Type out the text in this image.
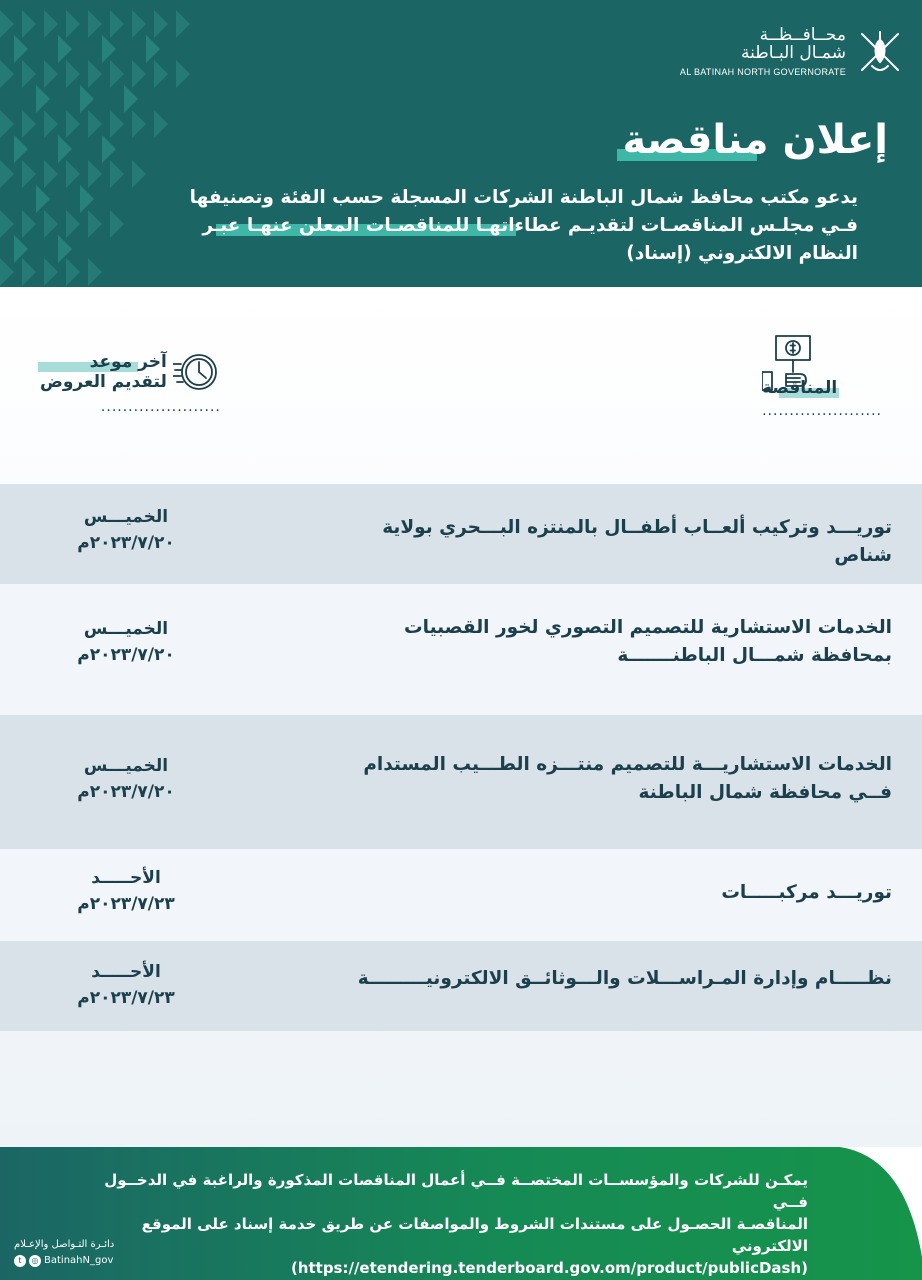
محــافــظــة
شمـال البـاطنة
AL BATINAH NORTH GOVERNORATE
إعلان مناقصة

يدعو مكتب محافظ شمال الباطنة الشركات المسجلة حسب الفئة وتصنيفها

فـي مجلـس المناقصـات لتقديـم عطاءاتهـا للمناقصـات المعلن عنهـا عبـر

النظام الالكتروني (إسناد)

المناقصة
......................
آخر موعد
لتقديم العروض
......................
توريـــد وتركيب ألعــاب أطفــال بالمنتزه البـــحري بولاية شناص
الخميـــس
٢٠٢٣/٧/٢٠م
الخدمات الاستشارية للتصميم التصوري لخور القصبيات بمحافظة شمـــال الباطنـــــــة
الخميـــس
٢٠٢٣/٧/٢٠م
الخدمات الاستشاريـــة للتصميم منتـــزه الطـــيب المستدام فــي محافظة شمال الباطنة
الخميـــس
٢٠٢٣/٧/٢٠م
توريـــد مركبـــــات
الأحـــــد
٢٠٢٣/٧/٢٣م
نظـــــام وإدارة المـراســـلات والـــوثائــق الالكترونيـــــــــة
الأحـــــد
٢٠٢٣/٧/٢٣م
يمكـن للشركات والمؤسســات المختصــة فــي أعمال المناقصات المذكورة والراغبة في الدخــول فــي
المناقصـة الحصـول على مستندات الشروط والمواصفات عن طريق خدمة إسناد على الموقع الالكتروني
(https://etendering.tenderboard.gov.om/product/publicDash)
دائـرة التـواصل والإعـلام
t	◎ BatinahN_gov
